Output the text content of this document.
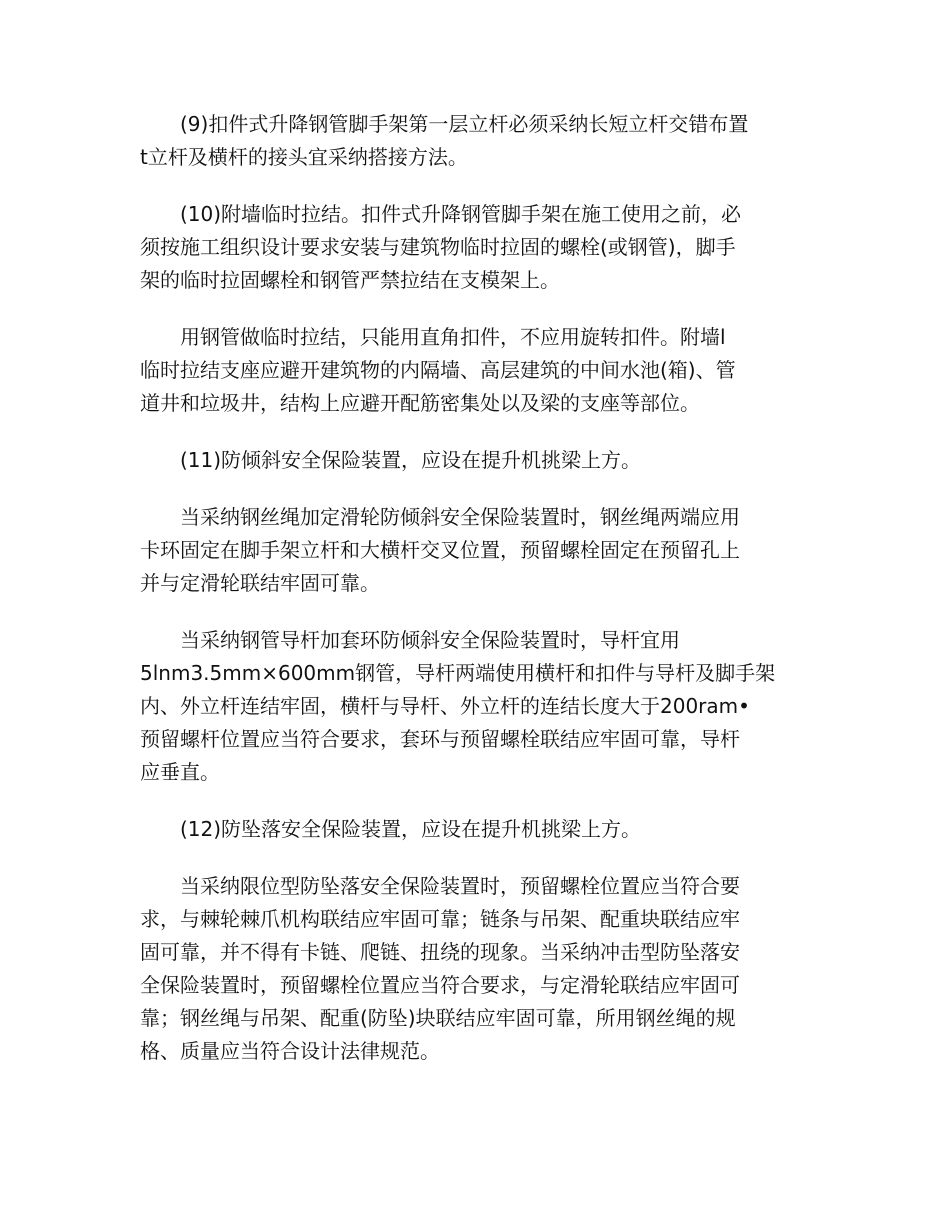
(9)扣件式升降钢管脚手架第一层立杆必须采纳长短立杆交错布置
t立杆及横杆的接头宜采纳搭接方法。

(10)附墙临时拉结。扣件式升降钢管脚手架在施工使用之前，必
须按施工组织设计要求安装与建筑物临时拉固的螺栓(或钢管)，脚手
架的临时拉固螺栓和钢管严禁拉结在支模架上。

用钢管做临时拉结，只能用直角扣件，不应用旋转扣件。附墙l
临时拉结支座应避开建筑物的内隔墙、高层建筑的中间水池(箱)、管
道井和垃圾井，结构上应避开配筋密集处以及梁的支座等部位。

(11)防倾斜安全保险装置，应设在提升机挑梁上方。

当采纳钢丝绳加定滑轮防倾斜安全保险装置时，钢丝绳两端应用
卡环固定在脚手架立杆和大横杆交叉位置，预留螺栓固定在预留孔上
并与定滑轮联结牢固可靠。

当采纳钢管导杆加套环防倾斜安全保险装置时，导杆宜用
5lnm3.5mm×600mm钢管，导杆两端使用横杆和扣件与导杆及脚手架
内、外立杆连结牢固，横杆与导杆、外立杆的连结长度大于200ram•
预留螺杆位置应当符合要求，套环与预留螺栓联结应牢固可靠，导杆
应垂直。

(12)防坠落安全保险装置，应设在提升机挑梁上方。

当采纳限位型防坠落安全保险装置时，预留螺栓位置应当符合要
求，与棘轮棘爪机构联结应牢固可靠；链条与吊架、配重块联结应牢
固可靠，并不得有卡链、爬链、扭绕的现象。当采纳冲击型防坠落安
全保险装置时，预留螺栓位置应当符合要求，与定滑轮联结应牢固可
靠；钢丝绳与吊架、配重(防坠)块联结应牢固可靠，所用钢丝绳的规
格、质量应当符合设计法律规范。
